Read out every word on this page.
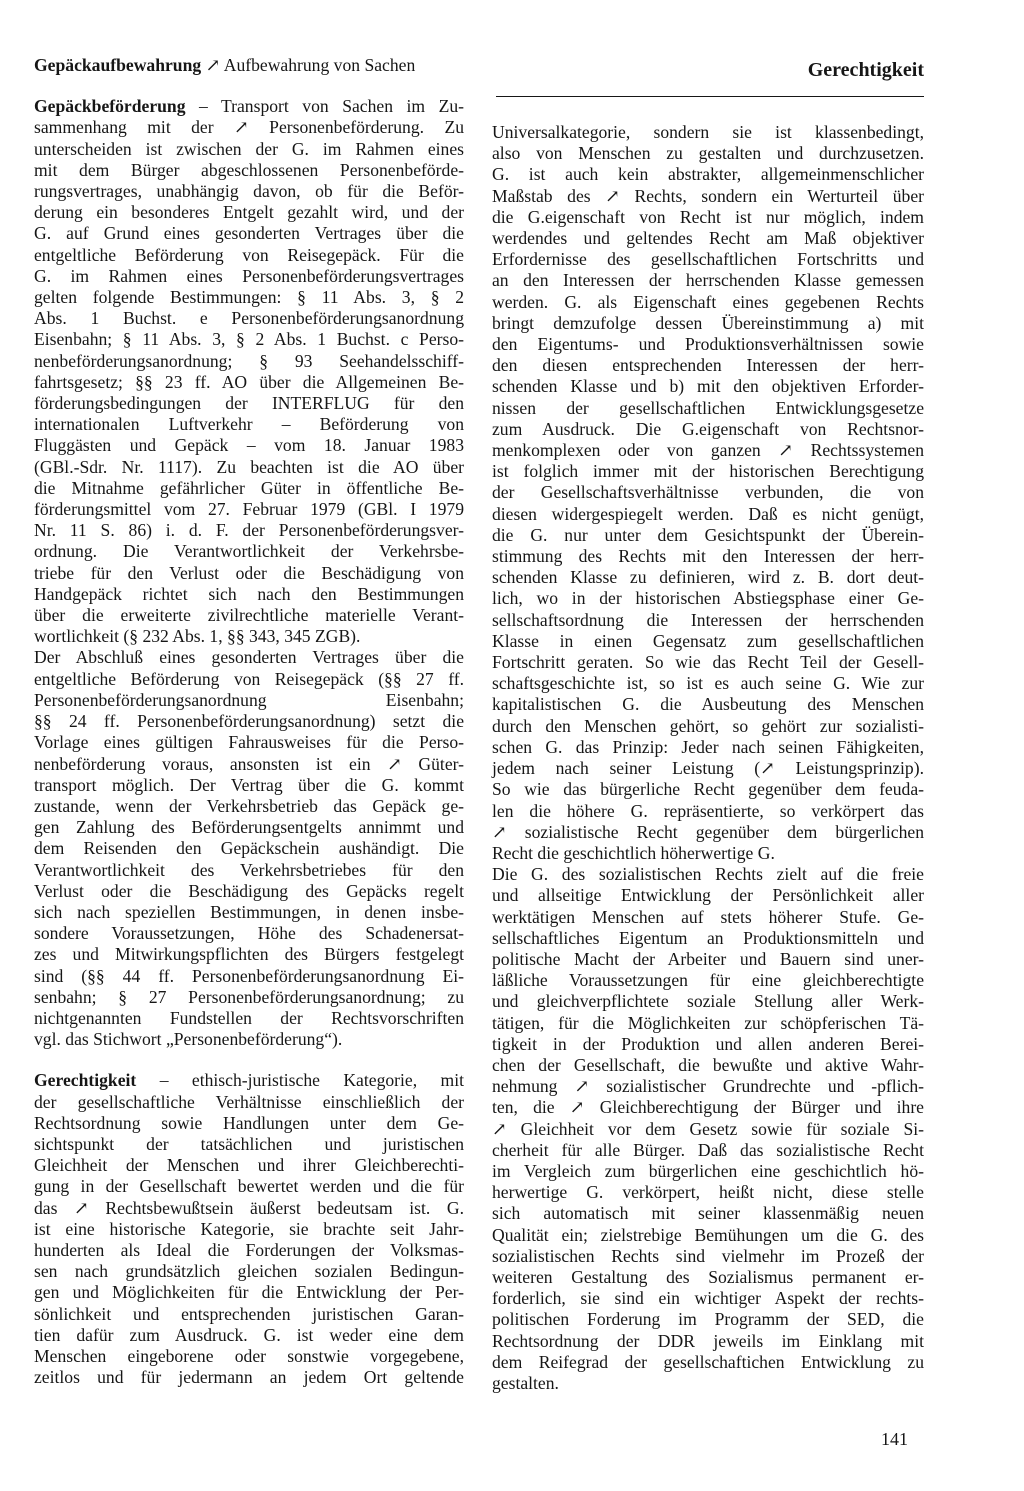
Gerechtigkeit
Gepäckaufbewahrung ↗ Aufbewahrung von Sachen
Gepäckbeförderung – Transport von Sachen im Zu-
sammenhang mit der ↗ Personenbeförderung. Zu
unterscheiden ist zwischen der G. im Rahmen eines
mit dem Bürger abgeschlossenen Personenbeförde-
rungsvertrages, unabhängig davon, ob für die Beför-
derung ein besonderes Entgelt gezahlt wird, und der
G. auf Grund eines gesonderten Vertrages über die
entgeltliche Beförderung von Reisegepäck. Für die
G. im Rahmen eines Personenbeförderungsvertrages
gelten folgende Bestimmungen: § 11 Abs. 3, § 2
Abs. 1 Buchst. e Personenbeförderungsanordnung
Eisenbahn; § 11 Abs. 3, § 2 Abs. 1 Buchst. c Perso-
nenbeförderungsanordnung; § 93 Seehandelsschiff-
fahrtsgesetz; §§ 23 ff. AO über die Allgemeinen Be-
förderungsbedingungen der INTERFLUG für den
internationalen Luftverkehr – Beförderung von
Fluggästen und Gepäck – vom 18. Januar 1983
(GBl.-Sdr. Nr. 1117). Zu beachten ist die AO über
die Mitnahme gefährlicher Güter in öffentliche Be-
förderungsmittel vom 27. Februar 1979 (GBl. I 1979
Nr. 11 S. 86) i. d. F. der Personenbeförderungsver-
ordnung. Die Verantwortlichkeit der Verkehrsbe-
triebe für den Verlust oder die Beschädigung von
Handgepäck richtet sich nach den Bestimmungen
über die erweiterte zivilrechtliche materielle Verant-
wortlichkeit (§ 232 Abs. 1, §§ 343, 345 ZGB).
Der Abschluß eines gesonderten Vertrages über die
entgeltliche Beförderung von Reisegepäck (§§ 27 ff.
Personenbeförderungsanordnung Eisenbahn;
§§ 24 ff. Personenbeförderungsanordnung) setzt die
Vorlage eines gültigen Fahrausweises für die Perso-
nenbeförderung voraus, ansonsten ist ein ↗ Güter-
transport möglich. Der Vertrag über die G. kommt
zustande, wenn der Verkehrsbetrieb das Gepäck ge-
gen Zahlung des Beförderungsentgelts annimmt und
dem Reisenden den Gepäckschein aushändigt. Die
Verantwortlichkeit des Verkehrsbetriebes für den
Verlust oder die Beschädigung des Gepäcks regelt
sich nach speziellen Bestimmungen, in denen insbe-
sondere Voraussetzungen, Höhe des Schadenersat-
zes und Mitwirkungspflichten des Bürgers festgelegt
sind (§§ 44 ff. Personenbeförderungsanordnung Ei-
senbahn; § 27 Personenbeförderungsanordnung; zu
nichtgenannten Fundstellen der Rechtsvorschriften
vgl. das Stichwort „Personenbeförderung“).
Gerechtigkeit – ethisch-juristische Kategorie, mit
der gesellschaftliche Verhältnisse einschließlich der
Rechtsordnung sowie Handlungen unter dem Ge-
sichtspunkt der tatsächlichen und juristischen
Gleichheit der Menschen und ihrer Gleichberechti-
gung in der Gesellschaft bewertet werden und die für
das ↗ Rechtsbewußtsein äußerst bedeutsam ist. G.
ist eine historische Kategorie, sie brachte seit Jahr-
hunderten als Ideal die Forderungen der Volksmas-
sen nach grundsätzlich gleichen sozialen Bedingun-
gen und Möglichkeiten für die Entwicklung der Per-
sönlichkeit und entsprechenden juristischen Garan-
tien dafür zum Ausdruck. G. ist weder eine dem
Menschen eingeborene oder sonstwie vorgegebene,
zeitlos und für jedermann an jedem Ort geltende
Universalkategorie, sondern sie ist klassenbedingt,
also von Menschen zu gestalten und durchzusetzen.
G. ist auch kein abstrakter, allgemeinmenschlicher
Maßstab des ↗ Rechts, sondern ein Werturteil über
die G.eigenschaft von Recht ist nur möglich, indem
werdendes und geltendes Recht am Maß objektiver
Erfordernisse des gesellschaftlichen Fortschritts und
an den Interessen der herrschenden Klasse gemessen
werden. G. als Eigenschaft eines gegebenen Rechts
bringt demzufolge dessen Übereinstimmung a) mit
den Eigentums- und Produktionsverhältnissen sowie
den diesen entsprechenden Interessen der herr-
schenden Klasse und b) mit den objektiven Erforder-
nissen der gesellschaftlichen Entwicklungsgesetze
zum Ausdruck. Die G.eigenschaft von Rechtsnor-
menkomplexen oder von ganzen ↗ Rechtssystemen
ist folglich immer mit der historischen Berechtigung
der Gesellschaftsverhältnisse verbunden, die von
diesen widergespiegelt werden. Daß es nicht genügt,
die G. nur unter dem Gesichtspunkt der Überein-
stimmung des Rechts mit den Interessen der herr-
schenden Klasse zu definieren, wird z. B. dort deut-
lich, wo in der historischen Abstiegsphase einer Ge-
sellschaftsordnung die Interessen der herrschenden
Klasse in einen Gegensatz zum gesellschaftlichen
Fortschritt geraten. So wie das Recht Teil der Gesell-
schaftsgeschichte ist, so ist es auch seine G. Wie zur
kapitalistischen G. die Ausbeutung des Menschen
durch den Menschen gehört, so gehört zur sozialisti-
schen G. das Prinzip: Jeder nach seinen Fähigkeiten,
jedem nach seiner Leistung (↗ Leistungsprinzip).
So wie das bürgerliche Recht gegenüber dem feuda-
len die höhere G. repräsentierte, so verkörpert das
↗ sozialistische Recht gegenüber dem bürgerlichen
Recht die geschichtlich höherwertige G.
Die G. des sozialistischen Rechts zielt auf die freie
und allseitige Entwicklung der Persönlichkeit aller
werktätigen Menschen auf stets höherer Stufe. Ge-
sellschaftliches Eigentum an Produktionsmitteln und
politische Macht der Arbeiter und Bauern sind uner-
läßliche Voraussetzungen für eine gleichberechtigte
und gleichverpflichtete soziale Stellung aller Werk-
tätigen, für die Möglichkeiten zur schöpferischen Tä-
tigkeit in der Produktion und allen anderen Berei-
chen der Gesellschaft, die bewußte und aktive Wahr-
nehmung ↗ sozialistischer Grundrechte und -pflich-
ten, die ↗ Gleichberechtigung der Bürger und ihre
↗ Gleichheit vor dem Gesetz sowie für soziale Si-
cherheit für alle Bürger. Daß das sozialistische Recht
im Vergleich zum bürgerlichen eine geschichtlich hö-
herwertige G. verkörpert, heißt nicht, diese stelle
sich automatisch mit seiner klassenmäßig neuen
Qualität ein; zielstrebige Bemühungen um die G. des
sozialistischen Rechts sind vielmehr im Prozeß der
weiteren Gestaltung des Sozialismus permanent er-
forderlich, sie sind ein wichtiger Aspekt der rechts-
politischen Forderung im Programm der SED, die
Rechtsordnung der DDR jeweils im Einklang mit
dem Reifegrad der gesellschaftichen Entwicklung zu
gestalten.
141
